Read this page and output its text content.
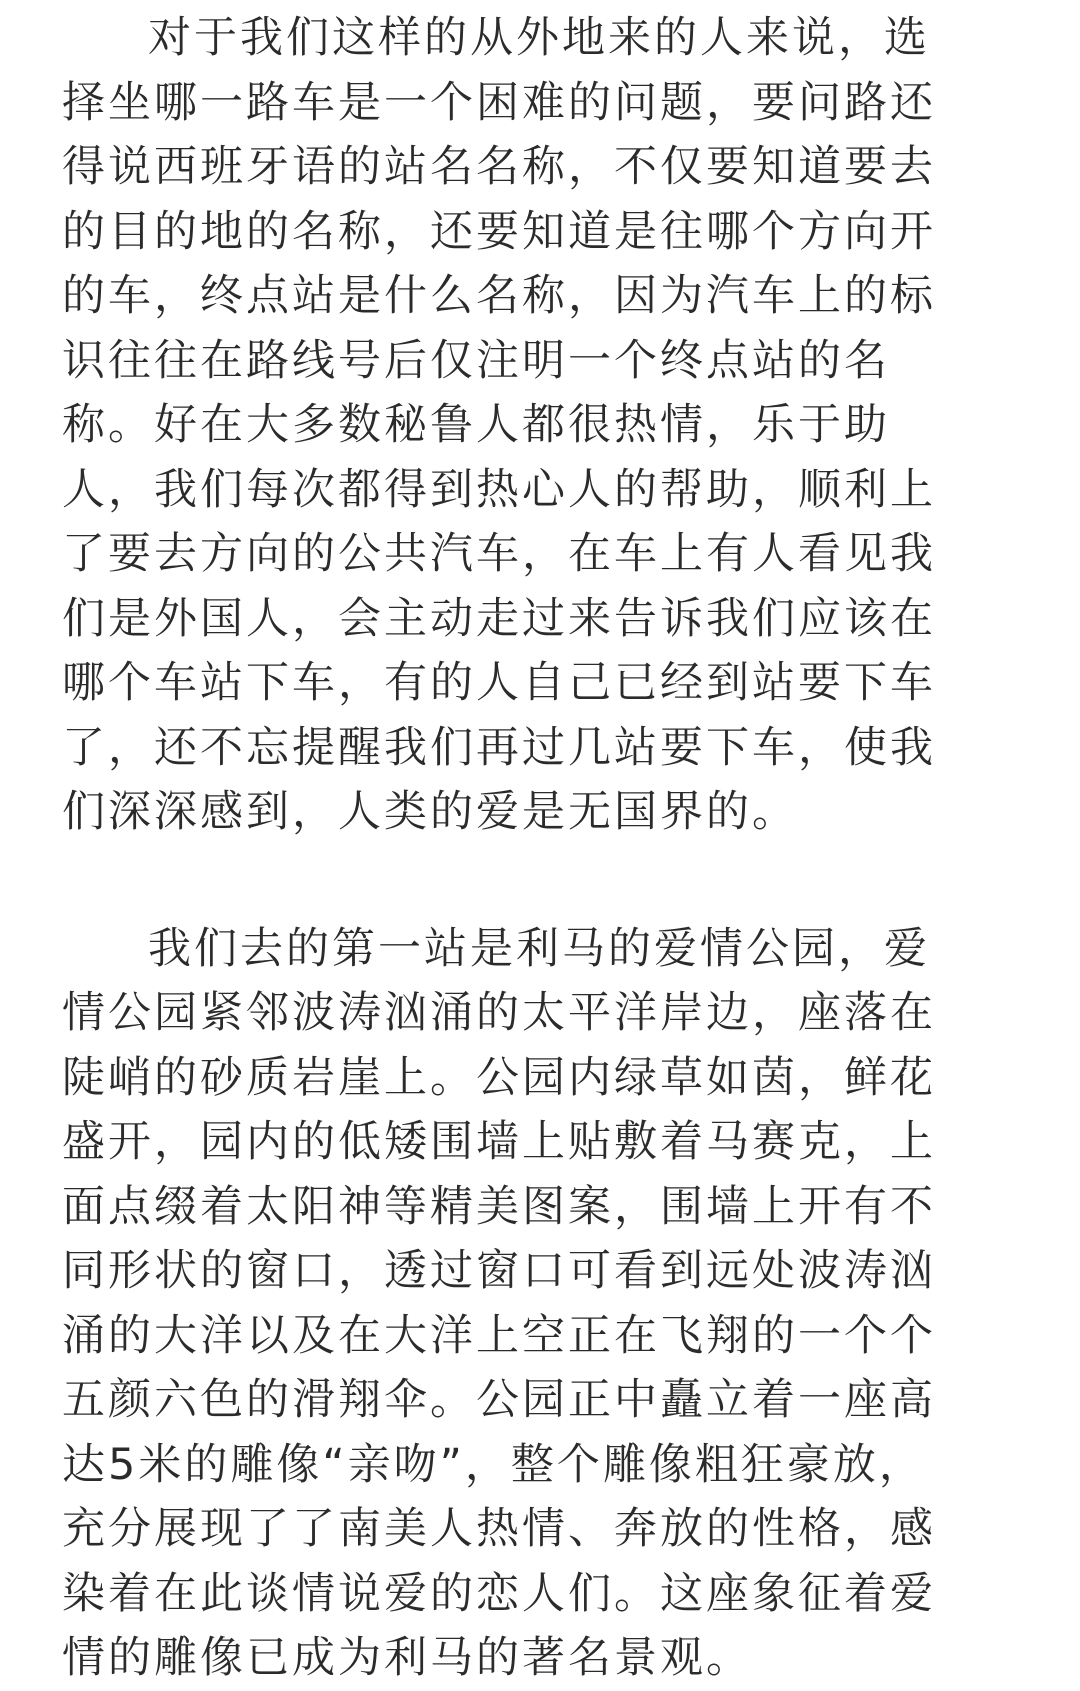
对于我们这样的从外地来的人来说，选
择坐哪一路车是一个困难的问题，要问路还
得说西班牙语的站名名称，不仅要知道要去
的目的地的名称，还要知道是往哪个方向开
的车，终点站是什么名称，因为汽车上的标
识往往在路线号后仅注明一个终点站的名
称。好在大多数秘鲁人都很热情，乐于助
人，我们每次都得到热心人的帮助，顺利上
了要去方向的公共汽车，在车上有人看见我
们是外国人，会主动走过来告诉我们应该在
哪个车站下车，有的人自己已经到站要下车
了，还不忘提醒我们再过几站要下车，使我
们深深感到，人类的爱是无国界的。
我们去的第一站是利马的爱情公园，爱
情公园紧邻波涛汹涌的太平洋岸边，座落在
陡峭的砂质岩崖上。公园内绿草如茵，鲜花
盛开，园内的低矮围墙上贴敷着马赛克，上
面点缀着太阳神等精美图案，围墙上开有不
同形状的窗口，透过窗口可看到远处波涛汹
涌的大洋以及在大洋上空正在飞翔的一个个
五颜六色的滑翔伞。公园正中矗立着一座高
达5米的雕像“亲吻”，整个雕像粗狂豪放，
充分展现了了南美人热情、奔放的性格，感
染着在此谈情说爱的恋人们。这座象征着爱
情的雕像已成为利马的著名景观。
